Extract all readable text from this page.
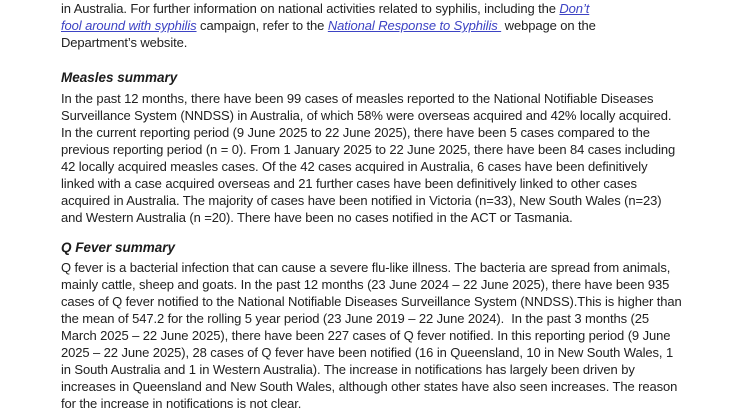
in Australia. For further information on national activities related to syphilis, including the Don’t
fool around with syphilis campaign, refer to the National Response to Syphilis  webpage on the
Department’s website.
Measles summary
In the past 12 months, there have been 99 cases of measles reported to the National Notifiable Diseases
Surveillance System (NNDSS) in Australia, of which 58% were overseas acquired and 42% locally acquired.
In the current reporting period (9 June 2025 to 22 June 2025), there have been 5 cases compared to the
previous reporting period (n = 0). From 1 January 2025 to 22 June 2025, there have been 84 cases including
42 locally acquired measles cases. Of the 42 cases acquired in Australia, 6 cases have been definitively
linked with a case acquired overseas and 21 further cases have been definitively linked to other cases
acquired in Australia. The majority of cases have been notified in Victoria (n=33), New South Wales (n=23)
and Western Australia (n =20). There have been no cases notified in the ACT or Tasmania.
Q Fever summary
Q fever is a bacterial infection that can cause a severe flu-like illness. The bacteria are spread from animals,
mainly cattle, sheep and goats. In the past 12 months (23 June 2024 – 22 June 2025), there have been 935
cases of Q fever notified to the National Notifiable Diseases Surveillance System (NNDSS).This is higher than
the mean of 547.2 for the rolling 5 year period (23 June 2019 – 22 June 2024).  In the past 3 months (25
March 2025 – 22 June 2025), there have been 227 cases of Q fever notified. In this reporting period (9 June
2025 – 22 June 2025), 28 cases of Q fever have been notified (16 in Queensland, 10 in New South Wales, 1
in South Australia and 1 in Western Australia). The increase in notifications has largely been driven by
increases in Queensland and New South Wales, although other states have also seen increases. The reason
for the increase in notifications is not clear.
